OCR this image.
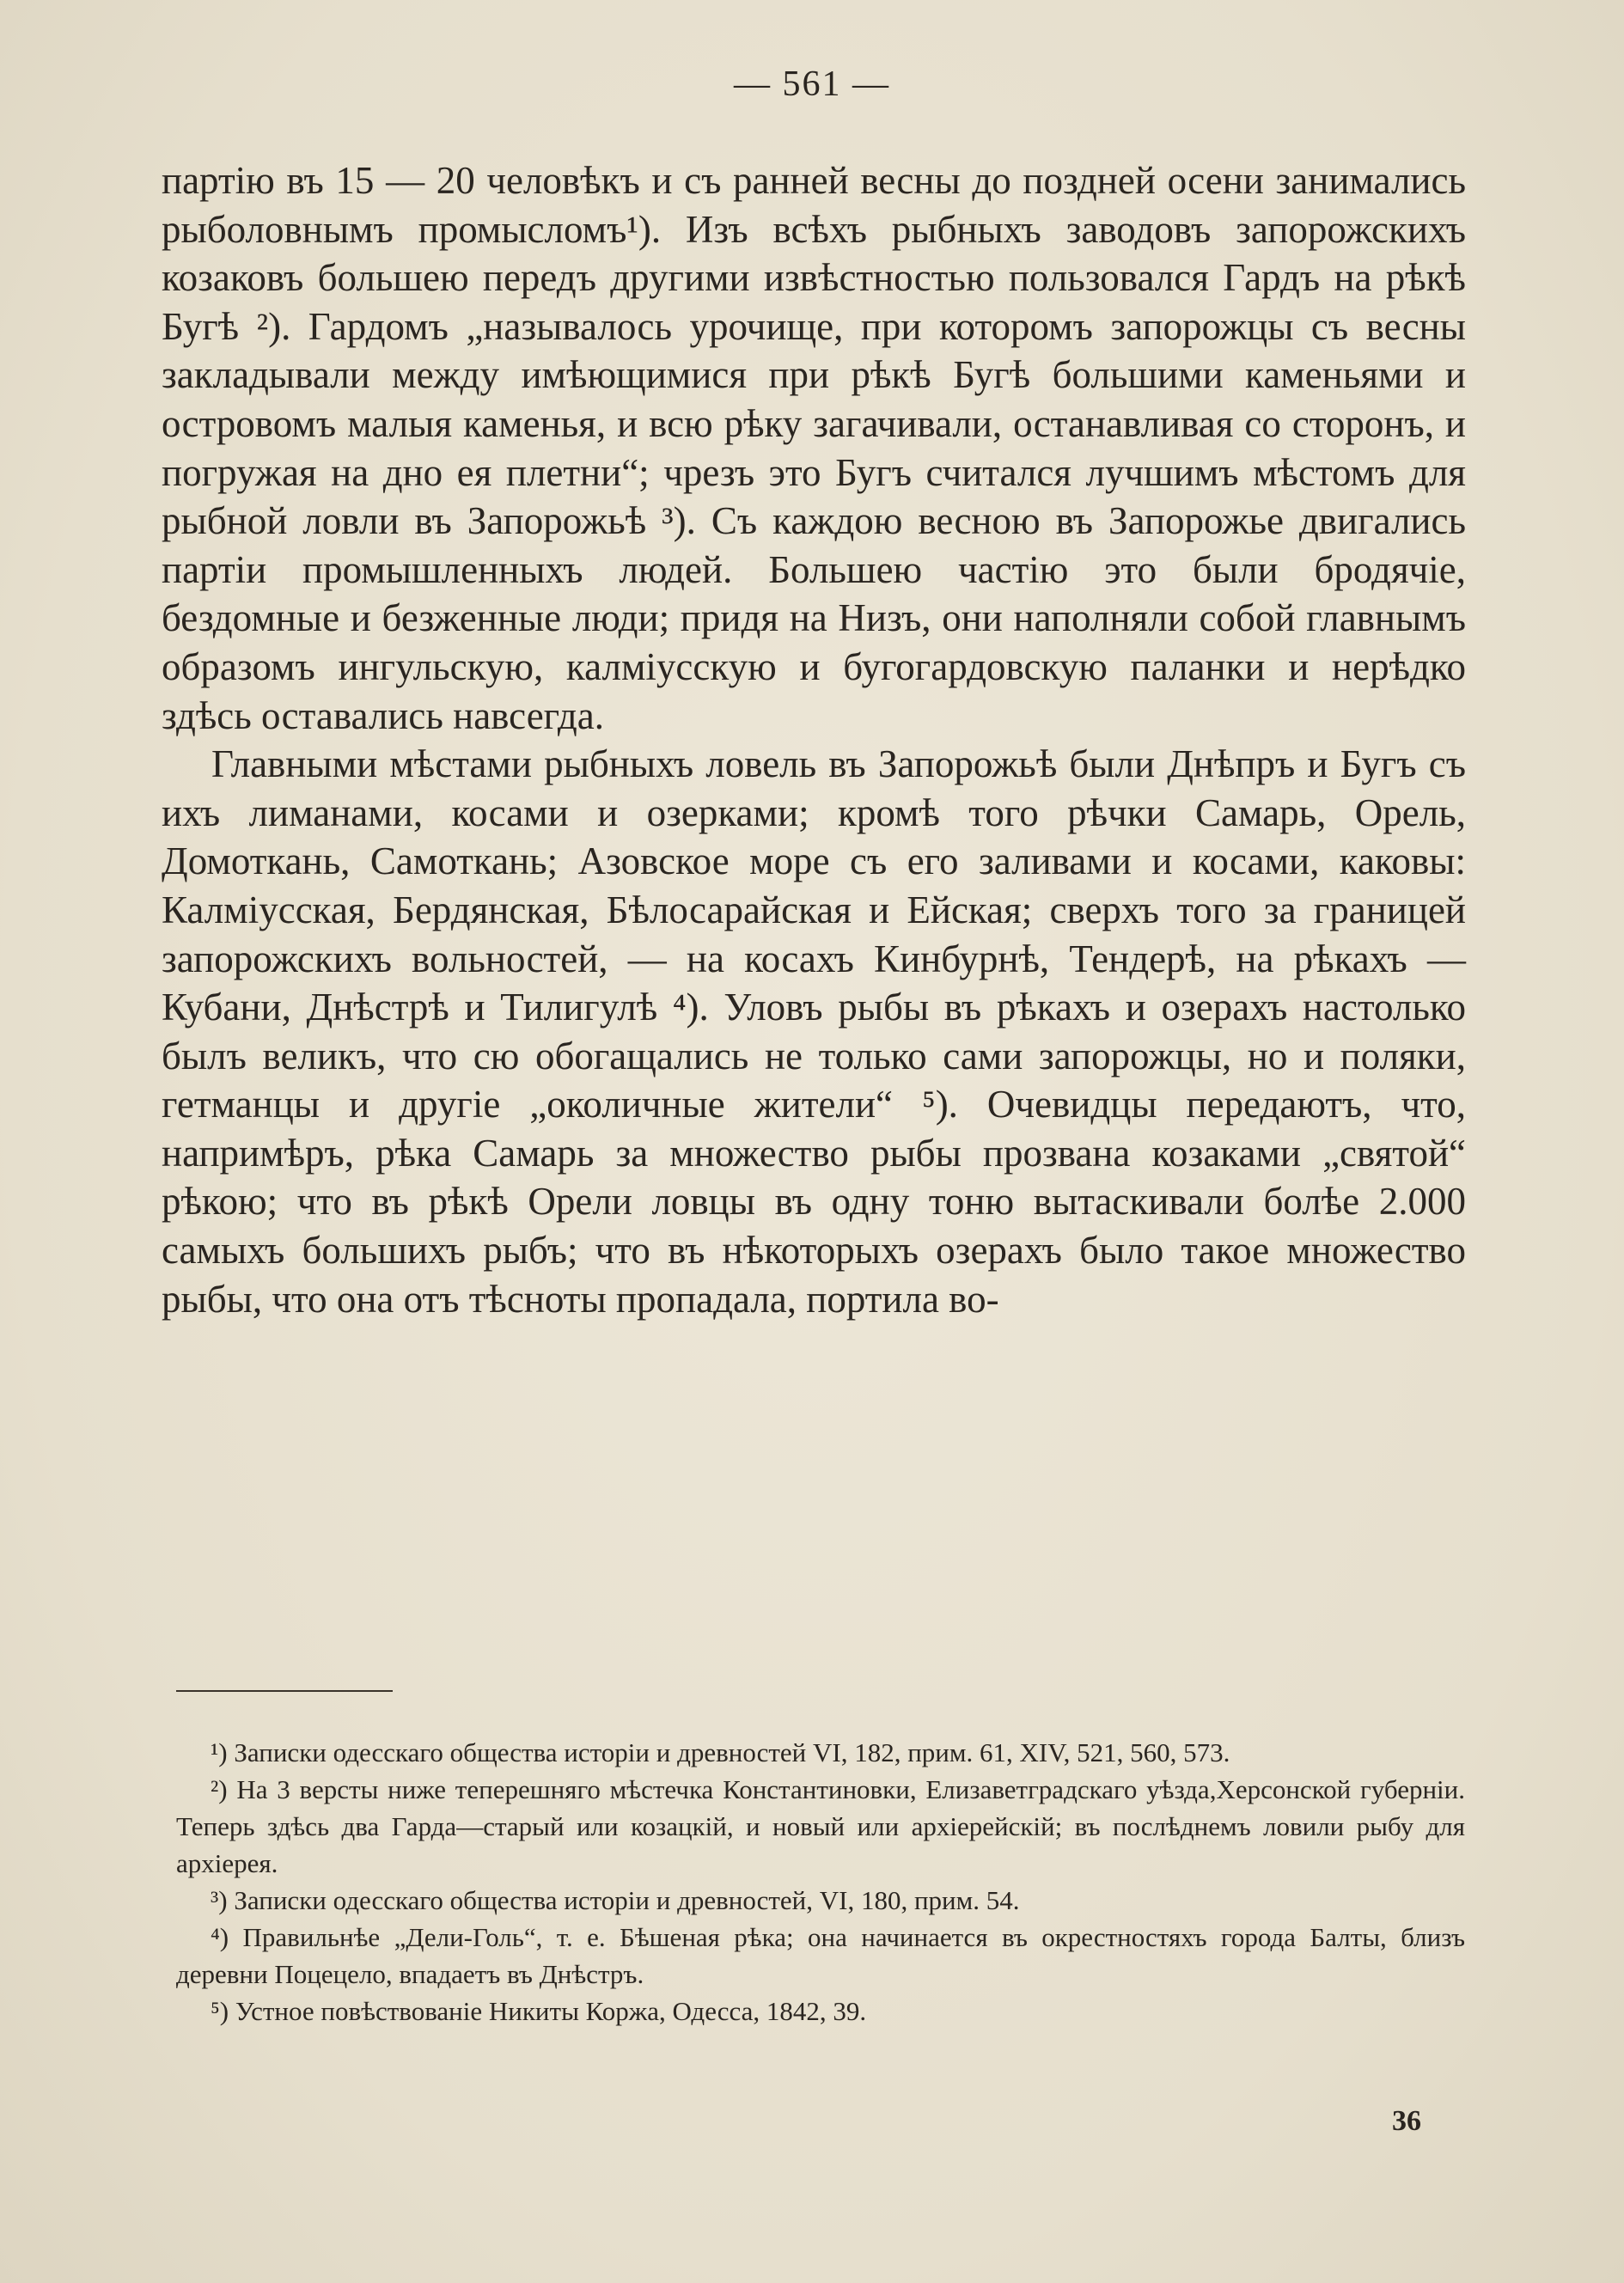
— 561 —

партію въ 15 — 20 человѣкъ и съ ранней весны до поздней осени занимались рыболовнымъ промысломъ¹). Изъ всѣхъ рыбныхъ заводовъ запорожскихъ козаковъ большею передъ другими извѣстностью пользовался Гардъ на рѣкѣ Бугѣ ²). Гардомъ „называлось урочище, при которомъ запорожцы съ весны закладывали между имѣющимися при рѣкѣ Бугѣ большими каменьями и островомъ малыя каменья, и всю рѣку загачивали, останавливая со сторонъ, и погружая на дно ея плетни“; чрезъ это Бугъ считался лучшимъ мѣстомъ для рыбной ловли въ Запорожьѣ ³). Съ каждою весною въ Запорожье двигались партіи промышленныхъ людей. Большею частію это были бродячіе, бездомные и безженные люди; придя на Низъ, они наполняли собой главнымъ образомъ ингульскую, калміусскую и бугогардовскую паланки и нерѣдко здѣсь оставались навсегда.

Главными мѣстами рыбныхъ ловель въ Запорожьѣ были Днѣпръ и Бугъ съ ихъ лиманами, косами и озерками; кромѣ того рѣчки Самарь, Орель, Домоткань, Самоткань; Азовское море съ его заливами и косами, каковы: Калміусская, Бердянская, Бѣлосарайская и Ейская; сверхъ того за границей запорожскихъ вольностей, — на косахъ Кинбурнѣ, Тендерѣ, на рѣкахъ — Кубани, Днѣстрѣ и Тилигулѣ ⁴). Уловъ рыбы въ рѣкахъ и озерахъ настолько былъ великъ, что сю обогащались не только сами запорожцы, но и поляки, гетманцы и другіе „околичные жители“ ⁵). Очевидцы передаютъ, что, напримѣръ, рѣка Самарь за множество рыбы прозвана козаками „святой“ рѣкою; что въ рѣкѣ Орели ловцы въ одну тоню вытаскивали болѣе 2.000 самыхъ большихъ рыбъ; что въ нѣкоторыхъ озерахъ было такое множество рыбы, что она отъ тѣсноты пропадала, портила во-

¹) Записки одесскаго общества исторіи и древностей VI, 182, прим. 61, XIV, 521, 560, 573.

²) На 3 версты ниже теперешняго мѣстечка Константиновки, Елизаветградскаго уѣзда,Херсонской губерніи. Теперь здѣсь два Гарда—старый или козацкій, и новый или архіерейскій; въ послѣднемъ ловили рыбу для архіерея.

³) Записки одесскаго общества исторіи и древностей, VI, 180, прим. 54.

⁴) Правильнѣе „Дели-Голь“, т. е. Бѣшеная рѣка; она начинается въ окрестностяхъ города Балты, близъ деревни Поцецело, впадаетъ въ Днѣстръ.

⁵) Устное повѣствованіе Никиты Коржа, Одесса, 1842, 39.

36
